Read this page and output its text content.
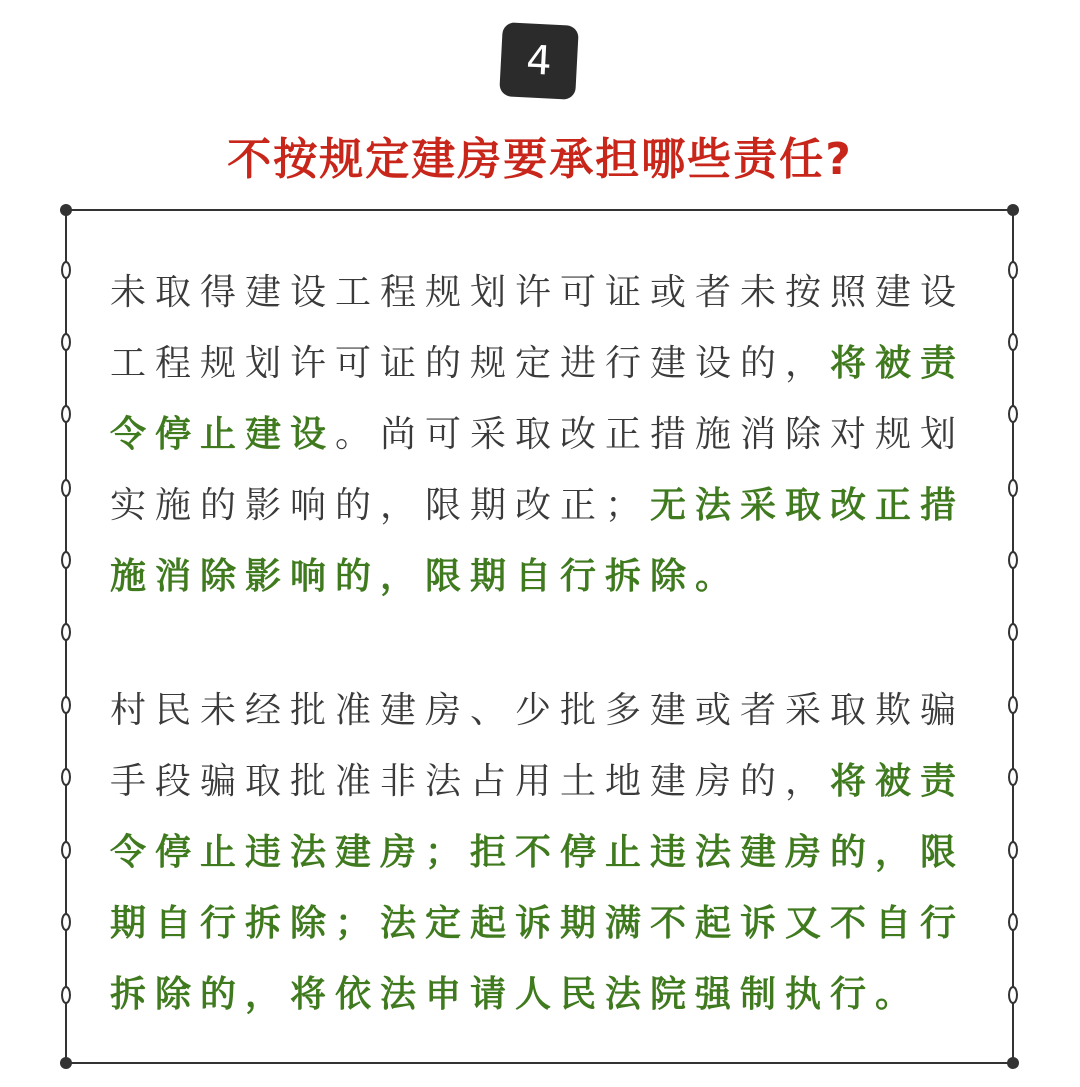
4
不按规定建房要承担哪些责任?
未取得建设工程规划许可证或者未按照建设工程规划许可证的规定进行建设的，将被责令停止建设。尚可采取改正措施消除对规划实施的影响的，限期改正；无法采取改正措施消除影响的，限期自行拆除。
村民未经批准建房、少批多建或者采取欺骗手段骗取批准非法占用土地建房的，将被责令停止违法建房；拒不停止违法建房的，限期自行拆除；法定起诉期满不起诉又不自行拆除的，将依法申请人民法院强制执行。
